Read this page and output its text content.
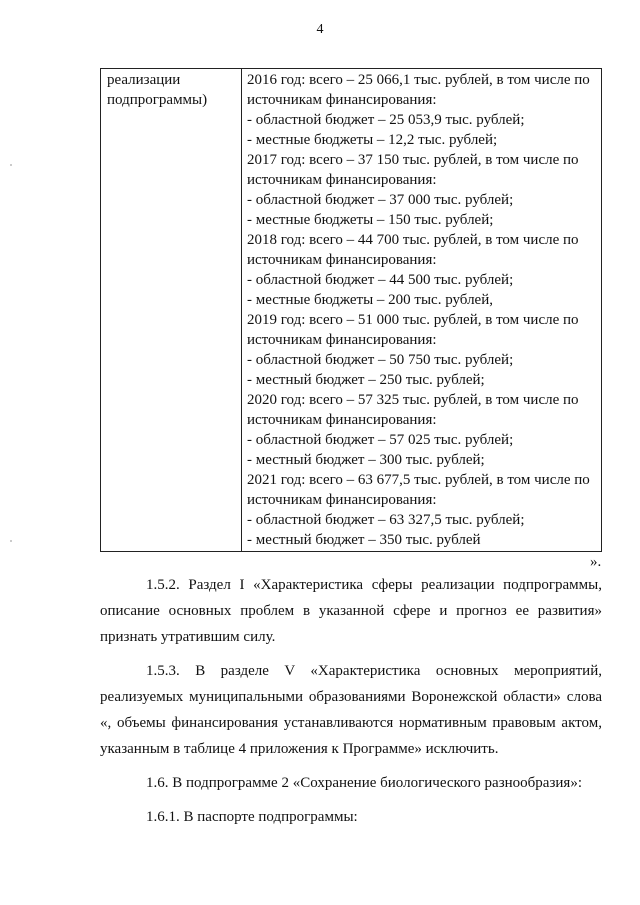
4
реализации
подпрограммы)
2016 год: всего – 25 066,1 тыс. рублей, в том числе по
источникам финансирования:
- областной бюджет – 25 053,9 тыс. рублей;
- местные бюджеты – 12,2 тыс. рублей;
2017 год: всего – 37 150 тыс. рублей, в том числе по
источникам финансирования:
- областной бюджет – 37 000 тыс. рублей;
- местные бюджеты – 150 тыс. рублей;
2018 год: всего – 44 700 тыс. рублей, в том числе по
источникам финансирования:
- областной бюджет – 44 500 тыс. рублей;
- местные бюджеты – 200 тыс. рублей,
2019 год: всего – 51 000 тыс. рублей, в том числе по
источникам финансирования:
- областной бюджет – 50 750 тыс. рублей;
- местный бюджет – 250 тыс. рублей;
2020 год: всего – 57 325 тыс. рублей, в том числе по
источникам финансирования:
- областной бюджет – 57 025 тыс. рублей;
- местный бюджет – 300 тыс. рублей;
2021 год: всего – 63 677,5 тыс. рублей, в том числе по
источникам финансирования:
- областной бюджет – 63 327,5 тыс. рублей;
- местный бюджет – 350 тыс. рублей
».

1.5.2. Раздел I «Характеристика сферы реализации подпрограммы, описание основных проблем в указанной сфере и прогноз ее развития» признать утратившим силу.

1.5.3. В разделе V «Характеристика основных мероприятий, реализуемых муниципальными образованиями Воронежской области» слова «, объемы финансирования устанавливаются нормативным правовым актом, указанным в таблице 4 приложения к Программе» исключить.

1.6. В подпрограмме 2 «Сохранение биологического разнообразия»:

1.6.1. В паспорте подпрограммы:
